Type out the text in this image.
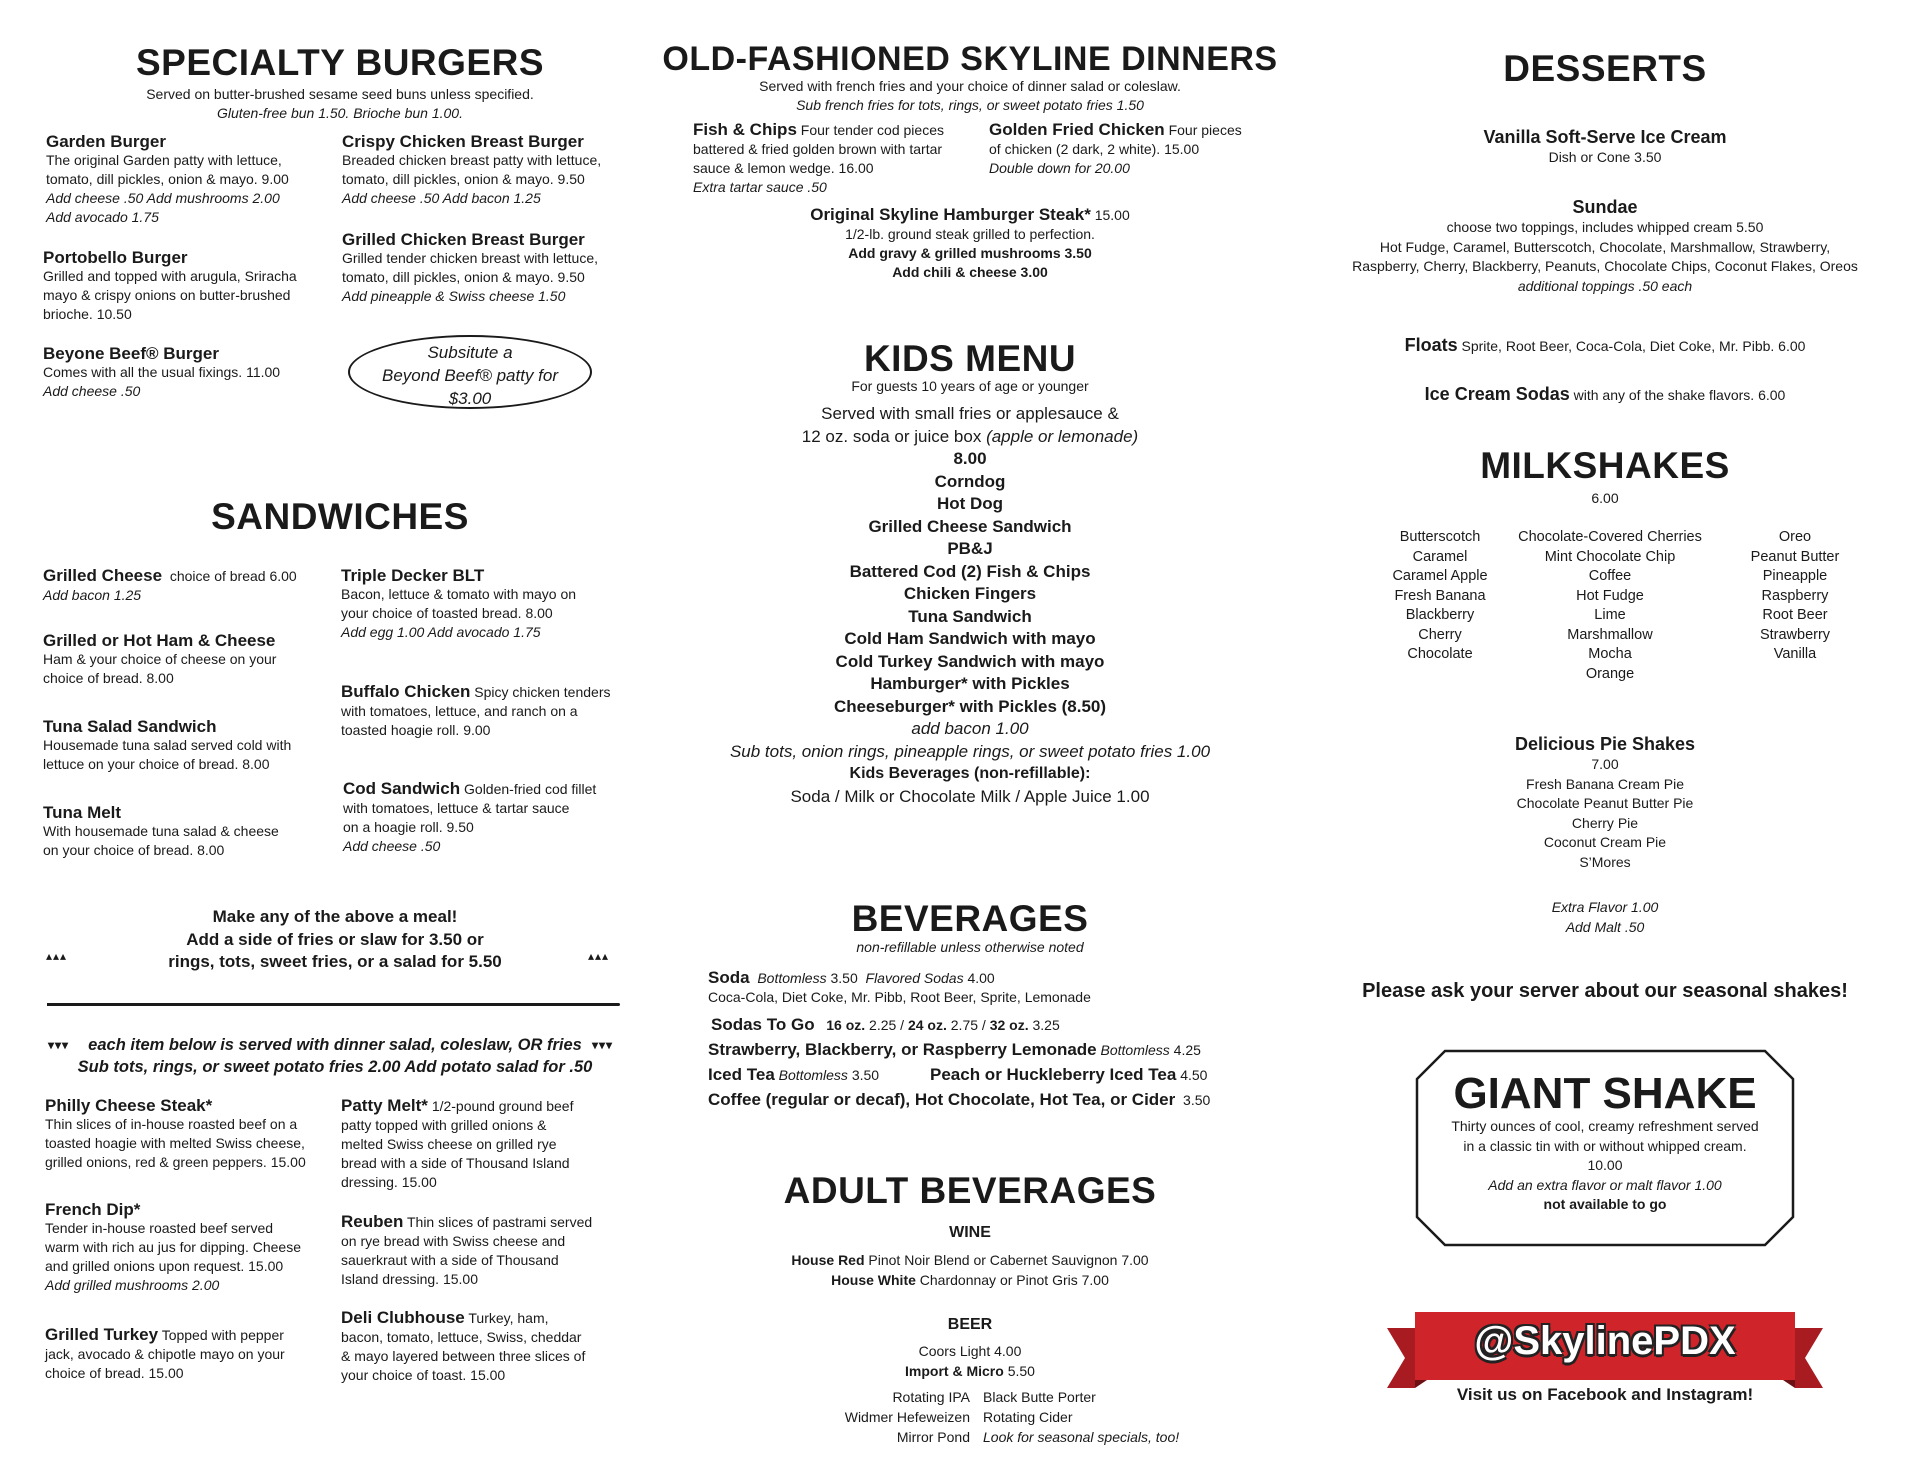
SPECIALTY BURGERS
Served on butter-brushed sesame seed buns unless specified.
Gluten-free bun 1.50. Brioche bun 1.00.
Garden Burger
The original Garden patty with lettuce,
tomato, dill pickles, onion & mayo. 9.00
Add cheese .50 Add mushrooms 2.00
Add avocado 1.75
Portobello Burger
Grilled and topped with arugula, Sriracha
mayo & crispy onions on butter-brushed
brioche. 10.50
Beyone Beef® Burger
Comes with all the usual fixings. 11.00
Add cheese .50
Crispy Chicken Breast Burger
Breaded chicken breast patty with lettuce,
tomato, dill pickles, onion & mayo. 9.50
Add cheese .50 Add bacon 1.25
Grilled Chicken Breast Burger
Grilled tender chicken breast with lettuce,
tomato, dill pickles, onion & mayo. 9.50
Add pineapple & Swiss cheese 1.50
Subsitute a
Beyond Beef® patty for
$3.00
SANDWICHES
Grilled Cheese choice of bread 6.00
Add bacon 1.25
Grilled or Hot Ham & Cheese
Ham & your choice of cheese on your
choice of bread. 8.00
Tuna Salad Sandwich
Housemade tuna salad served cold with
lettuce on your choice of bread. 8.00
Tuna Melt
With housemade tuna salad & cheese
on your choice of bread. 8.00
Triple Decker BLT
Bacon, lettuce & tomato with mayo on
your choice of toasted bread. 8.00
Add egg 1.00 Add avocado 1.75
Buffalo Chicken Spicy chicken tenders
with tomatoes, lettuce, and ranch on a
toasted hoagie roll. 9.00
Cod Sandwich Golden-fried cod fillet
with tomatoes, lettuce & tartar sauce
on a hoagie roll. 9.50
Add cheese .50
Make any of the above a meal!
Add a side of fries or slaw for 3.50 or
rings, tots, sweet fries, or a salad for 5.50
▴▴▴	▴▴▴
▾▾▾	each item below is served with dinner salad, coleslaw, OR fries
Sub tots, rings, or sweet potato fries 2.00 Add potato salad for .50
▾▾▾
Philly Cheese Steak*
Thin slices of in-house roasted beef on a
toasted hoagie with melted Swiss cheese,
grilled onions, red & green peppers. 15.00
French Dip*
Tender in-house roasted beef served
warm with rich au jus for dipping. Cheese
and grilled onions upon request. 15.00
Add grilled mushrooms 2.00
Grilled Turkey Topped with pepper
jack, avocado & chipotle mayo on your
choice of bread. 15.00
Patty Melt* 1/2-pound ground beef
patty topped with grilled onions &
melted Swiss cheese on grilled rye
bread with a side of Thousand Island
dressing. 15.00
Reuben Thin slices of pastrami served
on rye bread with Swiss cheese and
sauerkraut with a side of Thousand
Island dressing. 15.00
Deli Clubhouse Turkey, ham,
bacon, tomato, lettuce, Swiss, cheddar
& mayo layered between three slices of
your choice of toast. 15.00
OLD-FASHIONED SKYLINE DINNERS
Served with french fries and your choice of dinner salad or coleslaw.
Sub french fries for tots, rings, or sweet potato fries 1.50
Fish & Chips Four tender cod pieces
battered & fried golden brown with tartar
sauce & lemon wedge. 16.00
Extra tartar sauce .50
Golden Fried Chicken Four pieces
of chicken (2 dark, 2 white). 15.00
Double down for 20.00
Original Skyline Hamburger Steak* 15.00
1/2-lb. ground steak grilled to perfection.
Add gravy & grilled mushrooms 3.50
Add chili & cheese 3.00
KIDS MENU
For guests 10 years of age or younger
Served with small fries or applesauce &
12 oz. soda or juice box (apple or lemonade)
8.00
Corndog
Hot Dog
Grilled Cheese Sandwich
PB&J
Battered Cod (2) Fish & Chips
Chicken Fingers
Tuna Sandwich
Cold Ham Sandwich with mayo
Cold Turkey Sandwich with mayo
Hamburger* with Pickles
Cheeseburger* with Pickles (8.50)
add bacon 1.00
Sub tots, onion rings, pineapple rings, or sweet potato fries 1.00
Kids Beverages (non-refillable):
Soda / Milk or Chocolate Milk / Apple Juice 1.00
BEVERAGES
non-refillable unless otherwise noted
Soda Bottomless 3.50 Flavored Sodas 4.00
Coca-Cola, Diet Coke, Mr. Pibb, Root Beer, Sprite, Lemonade
Sodas To Go 16 oz. 2.25 / 24 oz. 2.75 / 32 oz. 3.25
Strawberry, Blackberry, or Raspberry Lemonade Bottomless 4.25
Iced Tea Bottomless 3.50	Peach or Huckleberry Iced Tea 4.50
Coffee (regular or decaf), Hot Chocolate, Hot Tea, or Cider 3.50
ADULT BEVERAGES
WINE
House Red Pinot Noir Blend or Cabernet Sauvignon 7.00
House White Chardonnay or Pinot Gris 7.00
BEER
Coors Light 4.00
Import & Micro 5.50
Rotating IPA
Widmer Hefeweizen
Mirror Pond
Black Butte Porter
Rotating Cider
Look for seasonal specials, too!
DESSERTS
Vanilla Soft-Serve Ice Cream
Dish or Cone 3.50
Sundae
choose two toppings, includes whipped cream 5.50
Hot Fudge, Caramel, Butterscotch, Chocolate, Marshmallow, Strawberry,
Raspberry, Cherry, Blackberry, Peanuts, Chocolate Chips, Coconut Flakes, Oreos
additional toppings .50 each
Floats Sprite, Root Beer, Coca-Cola, Diet Coke, Mr. Pibb. 6.00
Ice Cream Sodas with any of the shake flavors. 6.00
MILKSHAKES
6.00
Butterscotch
Caramel
Caramel Apple
Fresh Banana
Blackberry
Cherry
Chocolate
Chocolate-Covered Cherries
Mint Chocolate Chip
Coffee
Hot Fudge
Lime
Marshmallow
Mocha
Orange
Oreo
Peanut Butter
Pineapple
Raspberry
Root Beer
Strawberry
Vanilla
Delicious Pie Shakes
7.00
Fresh Banana Cream Pie
Chocolate Peanut Butter Pie
Cherry Pie
Coconut Cream Pie
S’Mores
Extra Flavor 1.00
Add Malt .50
Please ask your server about our seasonal shakes!
GIANT SHAKE
Thirty ounces of cool, creamy refreshment served
in a classic tin with or without whipped cream.
10.00
Add an extra flavor or malt flavor 1.00
not available to go
@SkylinePDX
Visit us on Facebook and Instagram!
